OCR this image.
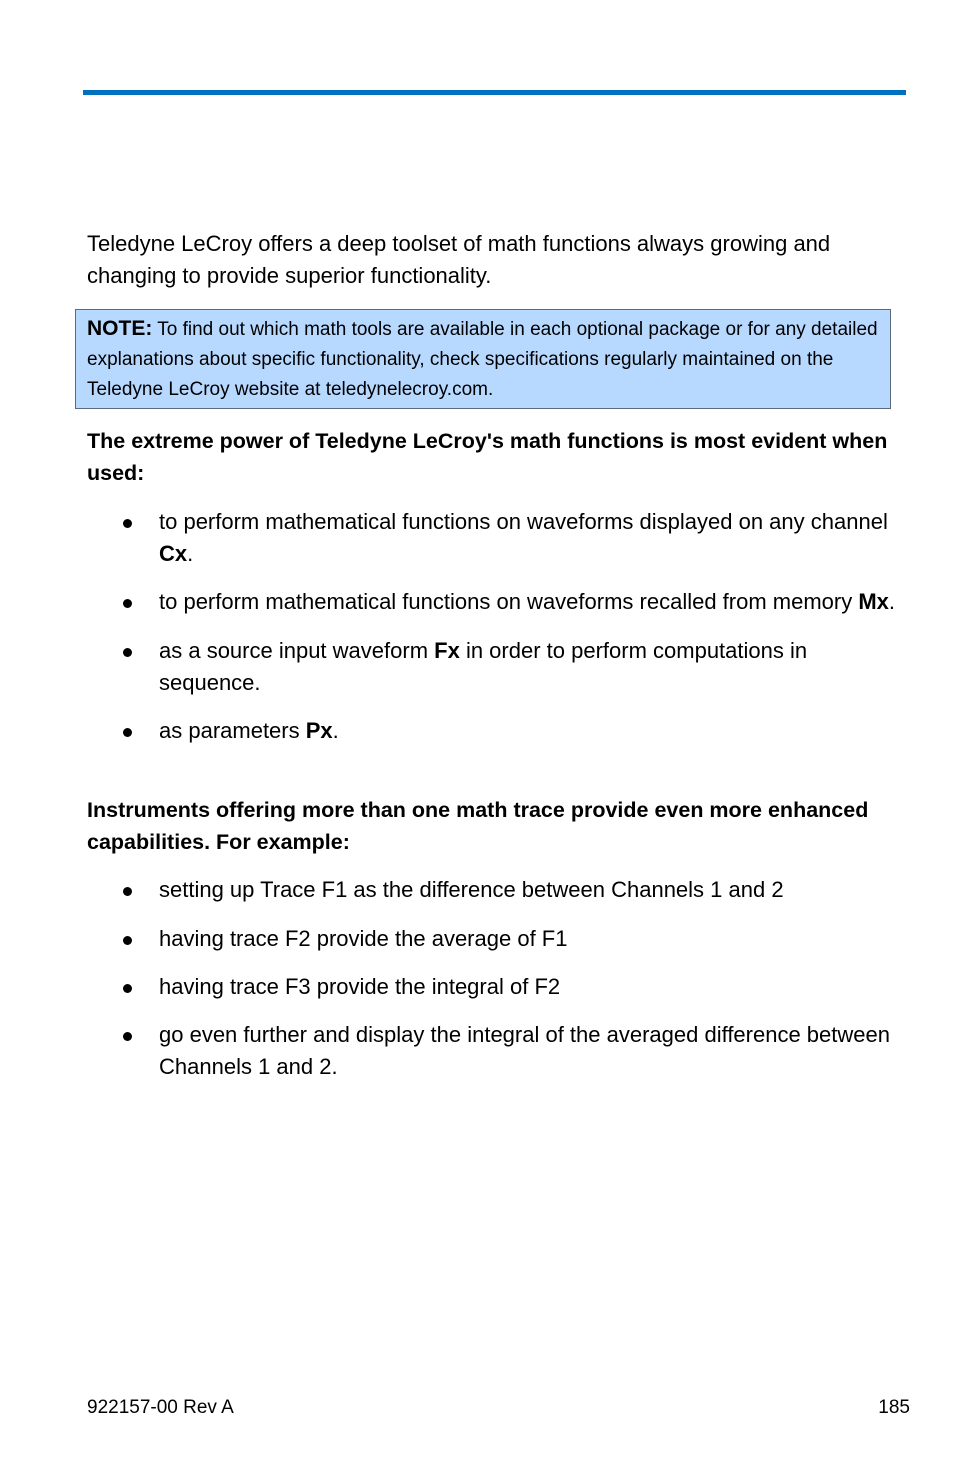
Teledyne LeCroy offers a deep toolset of math functions always growing and changing to provide superior functionality.

NOTE: To find out which math tools are available in each optional package or for any detailed explanations about specific functionality, check specifications regularly maintained on the Teledyne LeCroy website at teledynelecroy.com.

The extreme power of Teledyne LeCroy's math functions is most evident when used:

to perform mathematical functions on waveforms displayed on any channel Cx.
to perform mathematical functions on waveforms recalled from memory Mx.
as a source input waveform Fx in order to perform computations in sequence.
as parameters Px.

Instruments offering more than one math trace provide even more enhanced capabilities. For example:

setting up Trace F1 as the difference between Channels 1 and 2
having trace F2 provide the average of F1
having trace F3 provide the integral of F2
go even further and display the integral of the averaged difference between Channels 1 and 2.
922157-00 Rev A	185
